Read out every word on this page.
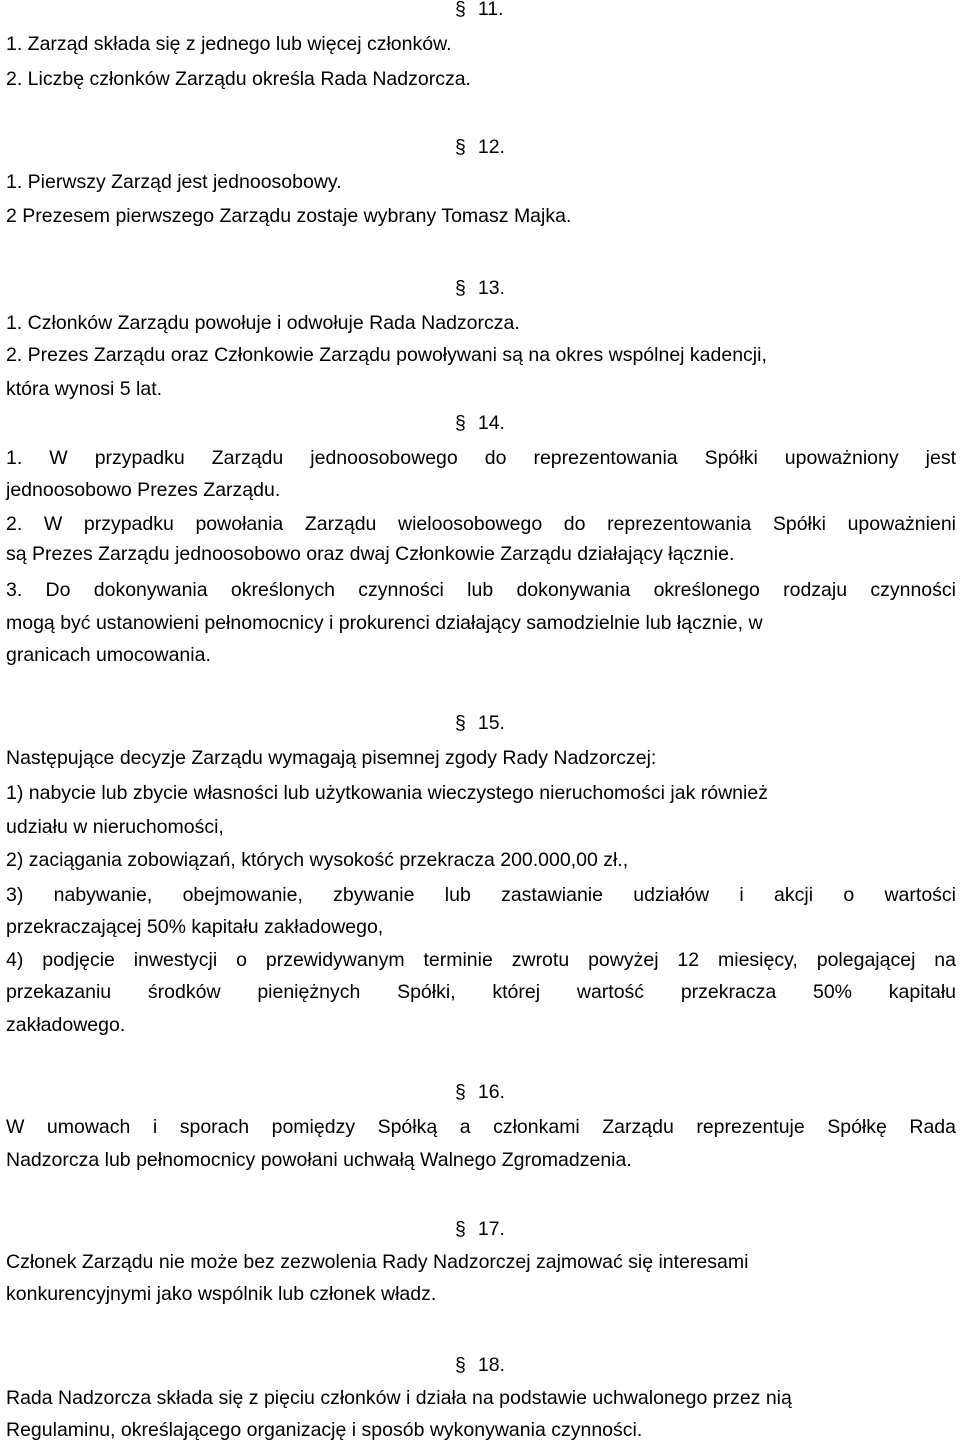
§ 11.
1. Zarząd składa się z jednego lub więcej członków.
2. Liczbę członków Zarządu określa Rada Nadzorcza.
§ 12.
1. Pierwszy Zarząd jest jednoosobowy.
2 Prezesem pierwszego Zarządu zostaje wybrany Tomasz Majka.
§ 13.
1. Członków Zarządu powołuje i odwołuje Rada Nadzorcza.
2. Prezes Zarządu oraz Członkowie Zarządu powoływani są na okres wspólnej kadencji,
która wynosi 5 lat.
§ 14.
1. W przypadku Zarządu jednoosobowego do reprezentowania Spółki upoważniony jest
jednoosobowo Prezes Zarządu.
2. W przypadku powołania Zarządu wieloosobowego do reprezentowania Spółki upoważnieni
są Prezes Zarządu jednoosobowo oraz dwaj Członkowie Zarządu działający łącznie.
3. Do dokonywania określonych czynności lub dokonywania określonego rodzaju czynności
mogą być ustanowieni pełnomocnicy i prokurenci działający samodzielnie lub łącznie, w
granicach umocowania.
§ 15.
Następujące decyzje Zarządu wymagają pisemnej zgody Rady Nadzorczej:
1) nabycie lub zbycie własności lub użytkowania wieczystego nieruchomości jak również
udziału w nieruchomości,
2) zaciągania zobowiązań, których wysokość przekracza 200.000,00 zł.,
3) nabywanie, obejmowanie, zbywanie lub zastawianie udziałów i akcji o wartości
przekraczającej 50% kapitału zakładowego,
4) podjęcie inwestycji o przewidywanym terminie zwrotu powyżej 12 miesięcy, polegającej na
przekazaniu środków pieniężnych Spółki, której wartość przekracza 50% kapitału
zakładowego.
§ 16.
W umowach i sporach pomiędzy Spółką a członkami Zarządu reprezentuje Spółkę Rada
Nadzorcza lub pełnomocnicy powołani uchwałą Walnego Zgromadzenia.
§ 17.
Członek Zarządu nie może bez zezwolenia Rady Nadzorczej zajmować się interesami
konkurencyjnymi jako wspólnik lub członek władz.
§ 18.
Rada Nadzorcza składa się z pięciu członków i działa na podstawie uchwalonego przez nią
Regulaminu, określającego organizację i sposób wykonywania czynności.
